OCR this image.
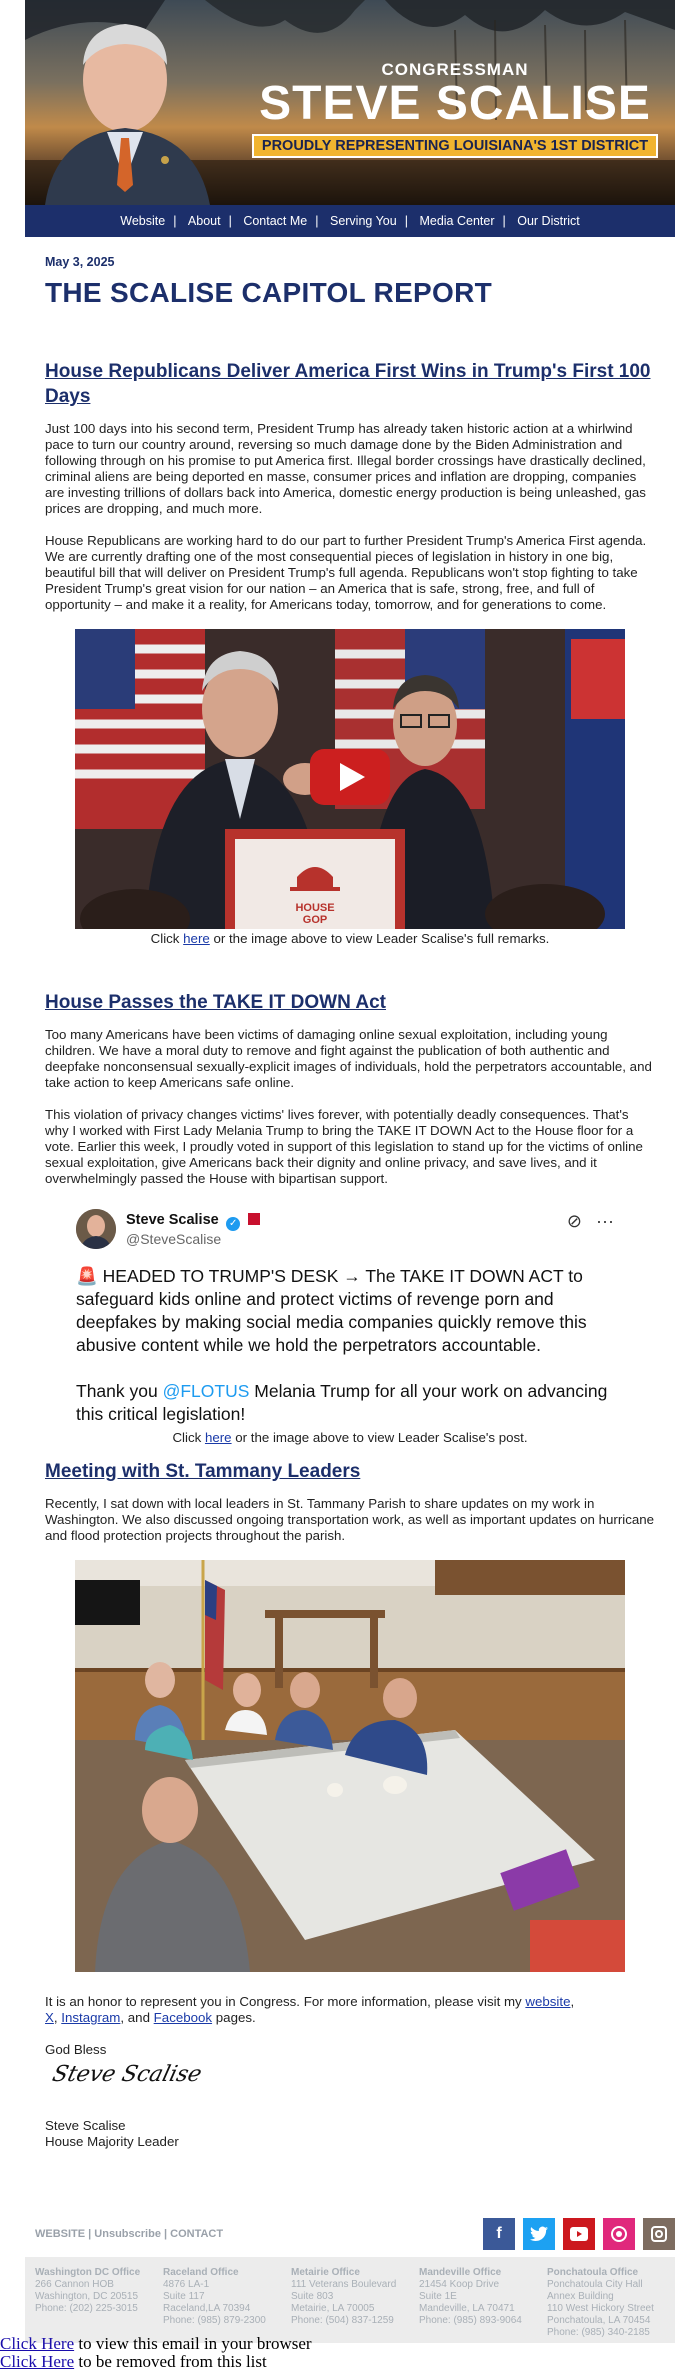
CONGRESSMAN
STEVE SCALISE
PROUDLY REPRESENTING LOUISIANA'S 1ST DISTRICT
Website | About | Contact Me | Serving You | Media Center | Our District
May 3, 2025
THE SCALISE CAPITOL REPORT
House Republicans Deliver America First Wins in Trump's First 100 Days

Just 100 days into his second term, President Trump has already taken historic action at a whirlwind pace to turn our country around, reversing so much damage done by the Biden Administration and following through on his promise to put America first. Illegal border crossings have drastically declined, criminal aliens are being deported en masse, consumer prices and inflation are dropping, companies are investing trillions of dollars back into America, domestic energy production is being unleashed, gas prices are dropping, and much more.

House Republicans are working hard to do our part to further President Trump's America First agenda. We are currently drafting one of the most consequential pieces of legislation in history in one big, beautiful bill that will deliver on President Trump's full agenda. Republicans won't stop fighting to take President Trump's great vision for our nation – an America that is safe, strong, free, and full of opportunity – and make it a reality, for Americans today, tomorrow, and for generations to come.

HOUSE
GOP
Click here or the image above to view Leader Scalise's full remarks.
House Passes the TAKE IT DOWN Act

Too many Americans have been victims of damaging online sexual exploitation, including young children. We have a moral duty to remove and fight against the publication of both authentic and deepfake nonconsensual sexually-explicit images of individuals, hold the perpetrators accountable, and take action to keep Americans safe online.

This violation of privacy changes victims' lives forever, with potentially deadly consequences. That's why I worked with First Lady Melania Trump to bring the TAKE IT DOWN Act to the House floor for a vote. Earlier this week, I proudly voted in support of this legislation to stand up for the victims of online sexual exploitation, give Americans back their dignity and online privacy, and save lives, and it overwhelmingly passed the House with bipartisan support.

Steve Scalise ✓
@SteveScalise
⊘ ···
🚨 HEADED TO TRUMP'S DESK → The TAKE IT DOWN ACT to safeguard kids online and protect victims of revenge porn and deepfakes by making social media companies quickly remove this abusive content while we hold the perpetrators accountable.
Thank you @FLOTUS Melania Trump for all your work on advancing this critical legislation!
Click here or the image above to view Leader Scalise's post.
Meeting with St. Tammany Leaders

Recently, I sat down with local leaders in St. Tammany Parish to share updates on my work in Washington. We also discussed ongoing transportation work, as well as important updates on hurricane and flood protection projects throughout the parish.

It is an honor to represent you in Congress. For more information, please visit my website,
X, Instagram, and Facebook pages.

God Bless

Steve Scalise
Steve Scalise
House Majority Leader
WEBSITE | Unsubscribe | CONTACT	f
Washington DC Office
266 Cannon HOB
Washington, DC 20515
Phone: (202) 225-3015
Raceland Office
4876 LA-1
Suite 117
Raceland,LA 70394
Phone: (985) 879-2300
Metairie Office
111 Veterans Boulevard
Suite 803
Metairie, LA 70005
Phone: (504) 837-1259
Mandeville Office
21454 Koop Drive
Suite 1E
Mandeville, LA 70471
Phone: (985) 893-9064
Ponchatoula Office
Ponchatoula City Hall
Annex Building
110 West Hickory Street
Ponchatoula, LA 70454
Phone: (985) 340-2185
Click Here to view this email in your browser
Click Here to be removed from this list
